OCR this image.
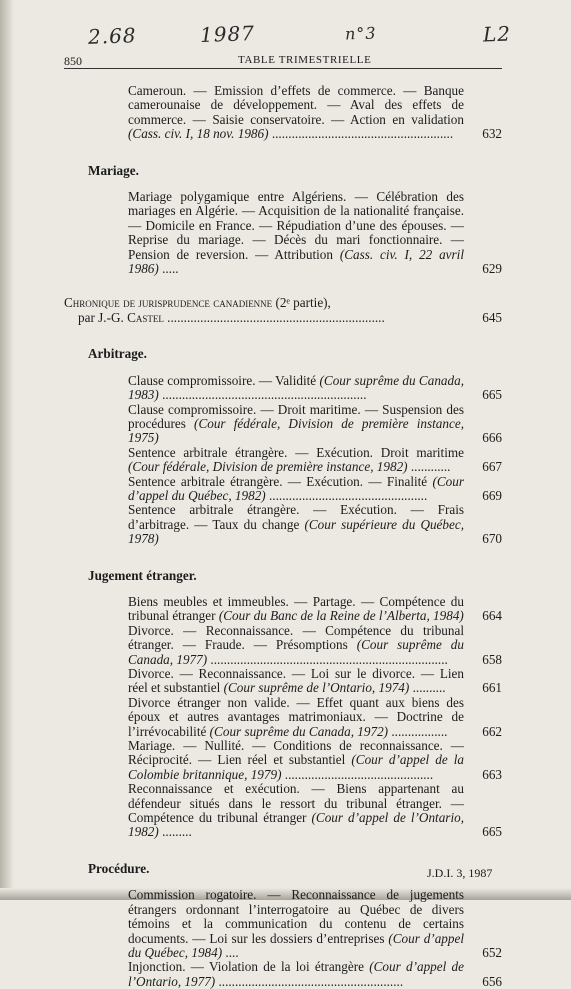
2.68	1987	n°3	L2
850	TABLE TRIMESTRIELLE
Cameroun. — Emission d’effets de commerce. — Banque camerounaise de développement. — Aval des effets de commerce. — Saisie conservatoire. — Action en validation (Cass. civ. I, 18 nov. 1986) .......................................................	632
Mariage.
Mariage polygamique entre Algériens. — Célébration des mariages en Algérie. — Acquisition de la nationalité française. — Domicile en France. — Répudiation d’une des épouses. — Reprise du mariage. — Décès du mari fonctionnaire. — Pension de reversion. — Attribution (Cass. civ. I, 22 avril 1986) .....	629
Chronique de jurisprudence canadienne (2ᵉ partie),
par J.-G. Castel ..................................................................	645
Arbitrage.
Clause compromissoire. — Validité (Cour suprême du Canada, 1983) ..............................................................	665
Clause compromissoire. — Droit maritime. — Suspension des procédures (Cour fédérale, Division de première instance, 1975)	666
Sentence arbitrale étrangère. — Exécution. Droit maritime (Cour fédérale, Division de première instance, 1982) ............	667
Sentence arbitrale étrangère. — Exécution. — Finalité (Cour d’appel du Québec, 1982) ................................................	669
Sentence arbitrale étrangère. — Exécution. — Frais d’arbitrage. — Taux du change (Cour supérieure du Québec, 1978)	670
Jugement étranger.
Biens meubles et immeubles. — Partage. — Compétence du tribunal étranger (Cour du Banc de la Reine de l’Alberta, 1984)	664
Divorce. — Reconnaissance. — Compétence du tribunal étranger. — Fraude. — Présomptions (Cour suprême du Canada, 1977) ........................................................................	658
Divorce. — Reconnaissance. — Loi sur le divorce. — Lien réel et substantiel (Cour suprême de l’Ontario, 1974) ..........	661
Divorce étranger non valide. — Effet quant aux biens des époux et autres avantages matrimoniaux. — Doctrine de l’irrévocabilité (Cour suprême du Canada, 1972) .................	662
Mariage. — Nullité. — Conditions de reconnaissance. — Réciprocité. — Lien réel et substantiel (Cour d’appel de la Colombie britannique, 1979) .............................................	663
Reconnaissance et exécution. — Biens appartenant au défendeur situés dans le ressort du tribunal étranger. — Compétence du tribunal étranger (Cour d’appel de l’Ontario, 1982) .........	665
Procédure.
Commission rogatoire. — Reconnaissance de jugements étrangers ordonnant l’interrogatoire au Québec de divers témoins et la communication du contenu de certains documents. — Loi sur les dossiers d’entreprises (Cour d’appel du Québec, 1984) ....	652
Injonction. — Violation de la loi étrangère (Cour d’appel de l’Ontario, 1977) ........................................................	656
J.D.I. 3, 1987
